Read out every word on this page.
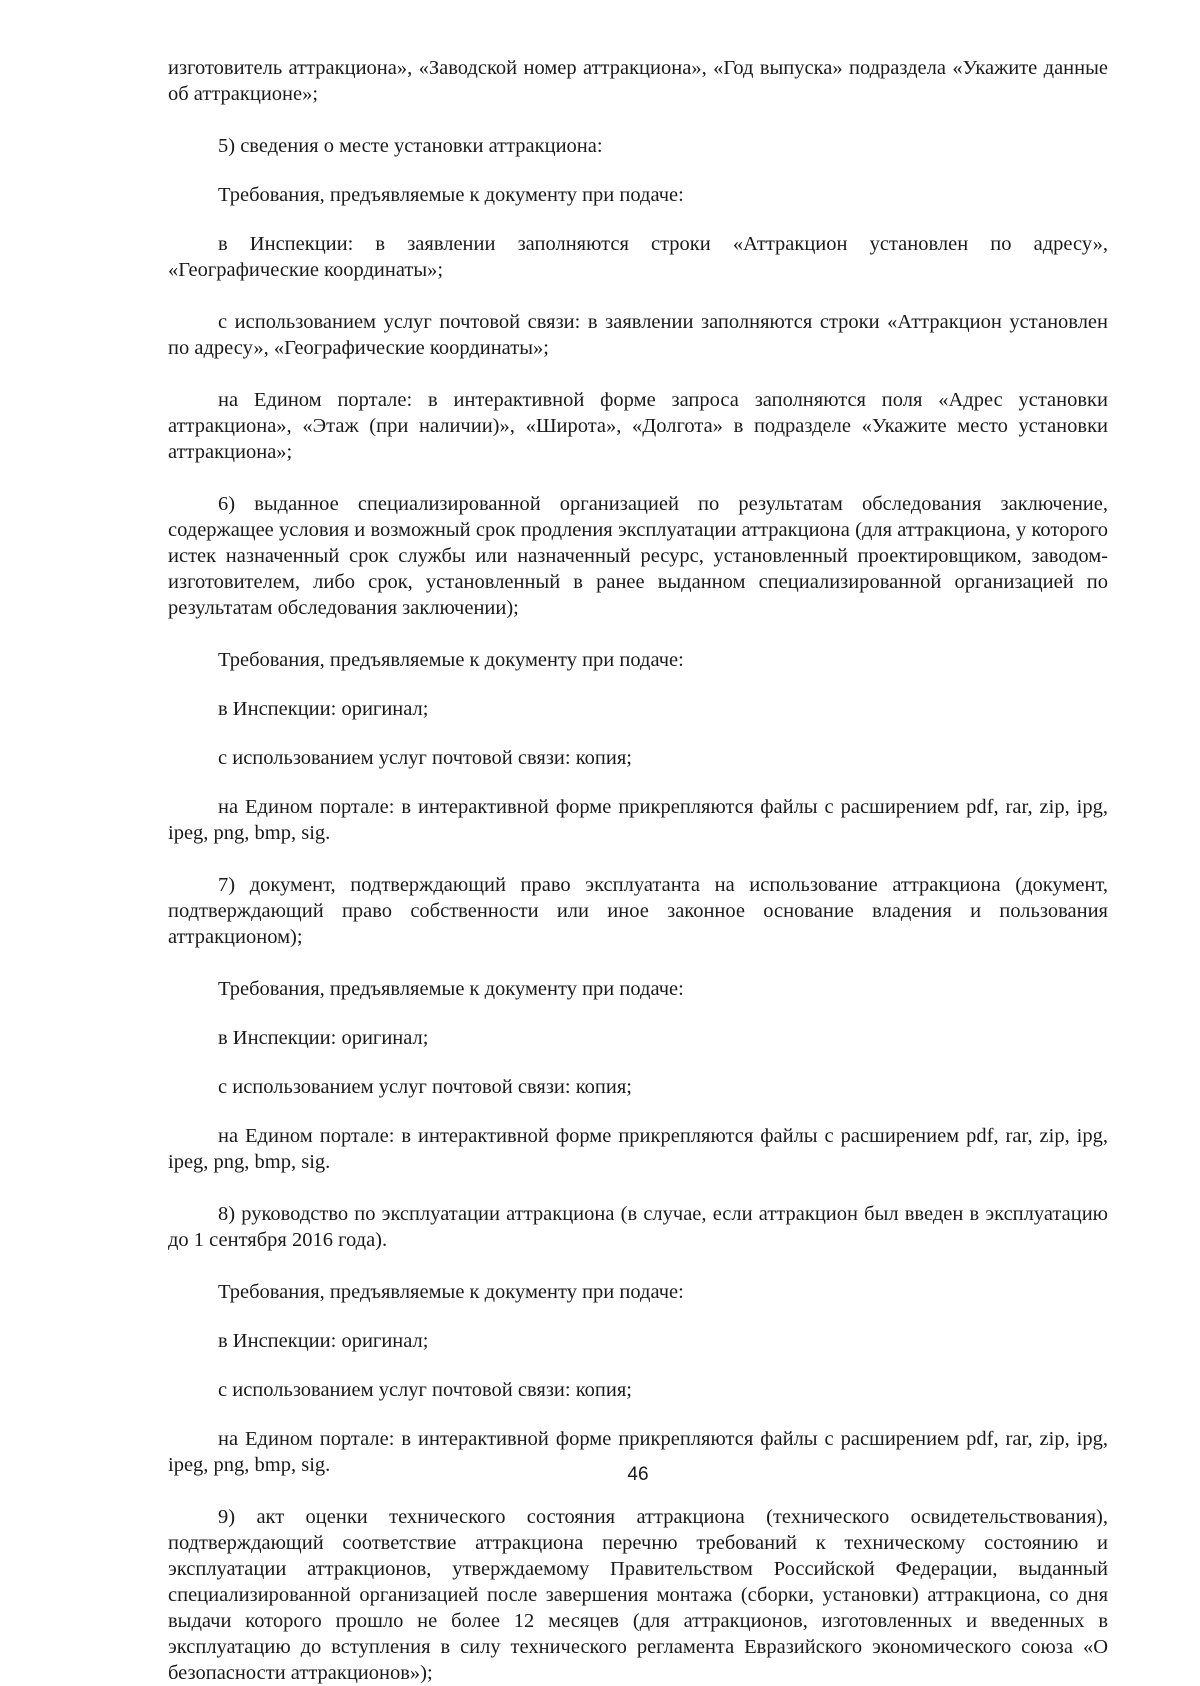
изготовитель аттракциона», «Заводской номер аттракциона», «Год выпуска» подраздела «Укажите данные об аттракционе»;

5) сведения о месте установки аттракциона:

Требования, предъявляемые к документу при подаче:

в Инспекции: в заявлении заполняются строки «Аттракцион установлен по адресу», «Географические координаты»;

с использованием услуг почтовой связи: в заявлении заполняются строки «Аттракцион установлен по адресу», «Географические координаты»;

на Едином портале: в интерактивной форме запроса заполняются поля «Адрес установки аттракциона», «Этаж (при наличии)», «Широта», «Долгота» в подразделе «Укажите место установки аттракциона»;

6) выданное специализированной организацией по результатам обследования заключение, содержащее условия и возможный срок продления эксплуатации аттракциона (для аттракциона, у которого истек назначенный срок службы или назначенный ресурс, установленный проектировщиком, заводом-изготовителем, либо срок, установленный в ранее выданном специализированной организацией по результатам обследования заключении);

Требования, предъявляемые к документу при подаче:

в Инспекции: оригинал;

с использованием услуг почтовой связи: копия;

на Едином портале: в интерактивной форме прикрепляются файлы с расширением pdf, rar, zip, ipg, ipeg, png, bmp, sig.

7) документ, подтверждающий право эксплуатанта на использование аттракциона (документ, подтверждающий право собственности или иное законное основание владения и пользования аттракционом);

Требования, предъявляемые к документу при подаче:

в Инспекции: оригинал;

с использованием услуг почтовой связи: копия;

на Едином портале: в интерактивной форме прикрепляются файлы с расширением pdf, rar, zip, ipg, ipeg, png, bmp, sig.

8) руководство по эксплуатации аттракциона (в случае, если аттракцион был введен в эксплуатацию до 1 сентября 2016 года).

Требования, предъявляемые к документу при подаче:

в Инспекции: оригинал;

с использованием услуг почтовой связи: копия;

на Едином портале: в интерактивной форме прикрепляются файлы с расширением pdf, rar, zip, ipg, ipeg, png, bmp, sig.

9) акт оценки технического состояния аттракциона (технического освидетельствования), подтверждающий соответствие аттракциона перечню требований к техническому состоянию и эксплуатации аттракционов, утверждаемому Правительством Российской Федерации, выданный специализированной организацией после завершения монтажа (сборки, установки) аттракциона, со дня выдачи которого прошло не более 12 месяцев (для аттракционов, изготовленных и введенных в эксплуатацию до вступления в силу технического регламента Евразийского экономического союза «О безопасности аттракционов»);

46
